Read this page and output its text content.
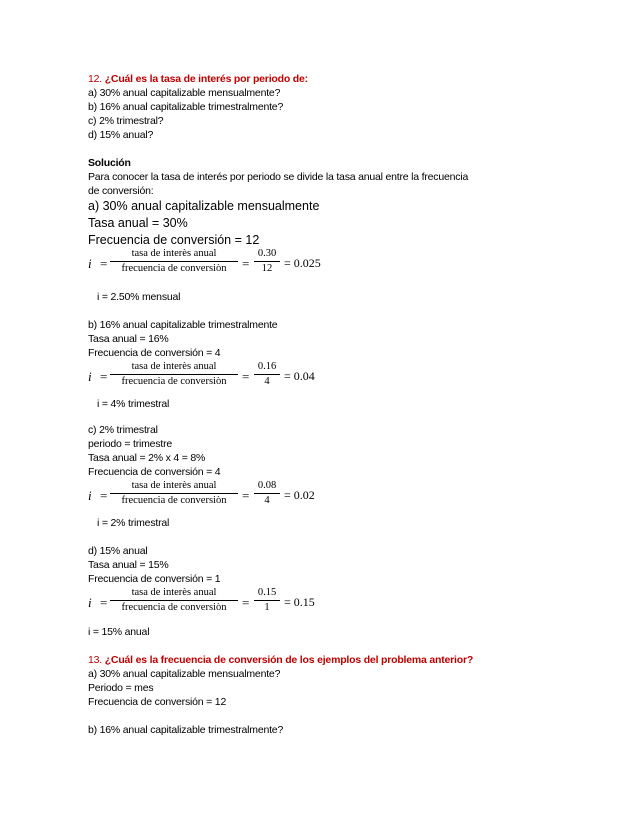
12. ¿Cuál es la tasa de interés por periodo de:
a) 30% anual capitalizable mensualmente?
b) 16% anual capitalizable trimestralmente?
c) 2% trimestral?
d) 15% anual?
Solución
Para conocer la tasa de interés por periodo se divide la tasa anual entre la frecuencia
de conversión:
a) 30% anual capitalizable mensualmente
Tasa anual = 30%
Frecuencia de conversión = 12
i =
tasa de interès anual
frecuencia de conversiòn	=
0.30
12 = 0.025
i = 2.50% mensual
b) 16% anual capitalizable trimestralmente
Tasa anual = 16%
Frecuencia de conversión = 4
i =
tasa de interès anual
frecuencia de conversiòn	=
0.16
4	= 0.04
i = 4% trimestral
c) 2% trimestral
periodo = trimestre
Tasa anual = 2% x 4 = 8%
Frecuencia de conversión = 4
i =
tasa de interès anual
frecuencia de conversiòn	=
0.08
4	= 0.02
i = 2% trimestral
d) 15% anual
Tasa anual = 15%
Frecuencia de conversión = 1
i =
tasa de interès anual
frecuencia de conversiòn	=
0.15
1	= 0.15
i = 15% anual
13. ¿Cuál es la frecuencia de conversión de los ejemplos del problema anterior?
a) 30% anual capitalizable mensualmente?
Periodo = mes
Frecuencia de conversión = 12
b) 16% anual capitalizable trimestralmente?
